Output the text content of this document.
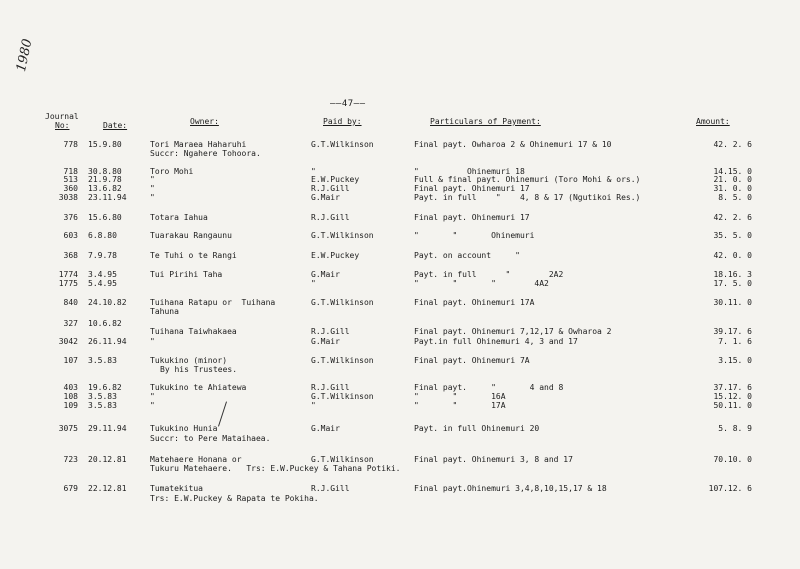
1980
——47——
Journal
No:	Date:	Owner:	Paid by:	Particulars of Payment:	Amount:
778 15.9.80	Tori Maraea Haharuhi	G.T.Wilkinson	Final payt. Owharoa 2 & Ohinemuri 17 & 10	42. 2. 6
Succr: Ngahere Tohoora.
718 30.8.80	Toro Mohi	"	"          Ohinemuri 18	14.15. 0
513 21.9.78	"	E.W.Puckey	Full & final payt. Ohinemuri (Toro Mohi & ors.)	21. 0. 0
360 13.6.82	"	R.J.Gill	Final payt. Ohinemuri 17	31. 0. 0
3038 23.11.94	"	G.Mair	Payt. in full    "    4, 8 & 17 (Ngutikoi Res.)	8. 5. 0
376 15.6.80	Totara Iahua	R.J.Gill	Final payt. Ohinemuri 17	42. 2. 6
603 6.8.80	Tuarakau Rangaunu	G.T.Wilkinson	"       "       Ohinemuri	35. 5. 0
368 7.9.78	Te Tuhi o te Rangi	E.W.Puckey	Payt. on account     "	42. 0. 0
1774 3.4.95	Tui Pirihi Taha	G.Mair	Payt. in full      "        2A2	18.16. 3
1775 5.4.95	"	"       "       "        4A2	17. 5. 0
840 24.10.82	Tuihana Ratapu or  Tuihana	G.T.Wilkinson	Final payt. Ohinemuri 17A	30.11. 0
Tahuna
327 10.6.82
Tuihana Taiwhakaea	R.J.Gill	Final payt. Ohinemuri 7,12,17 & Owharoa 2	39.17. 6
3042 26.11.94	"	G.Mair	Payt.in full Ohinemuri 4, 3 and 17	7. 1. 6
107 3.5.83	Tukukino (minor)	G.T.Wilkinson	Final payt. Ohinemuri 7A	3.15. 0
By his Trustees.
403 19.6.82	Tukukino te Ahiatewa	R.J.Gill	Final payt.     "       4 and 8	37.17. 6
108 3.5.83	"	G.T.Wilkinson	"       "       16A	15.12. 0
109 3.5.83	"	"	"       "       17A	50.11. 0
3075 29.11.94	Tukukino Hunia	G.Mair	Payt. in full Ohinemuri 20	5. 8. 9
Succr: to Pere Mataihaea.
723 20.12.81	Matehaere Honana or	G.T.Wilkinson	Final payt. Ohinemuri 3, 8 and 17	70.10. 0
Tukuru Matehaere.   Trs: E.W.Puckey & Tahana Potiki.
679 22.12.81	Tumatekitua	R.J.Gill	Final payt.Ohinemuri 3,4,8,10,15,17 & 18	107.12. 6
Trs: E.W.Puckey & Rapata te Pokiha.
